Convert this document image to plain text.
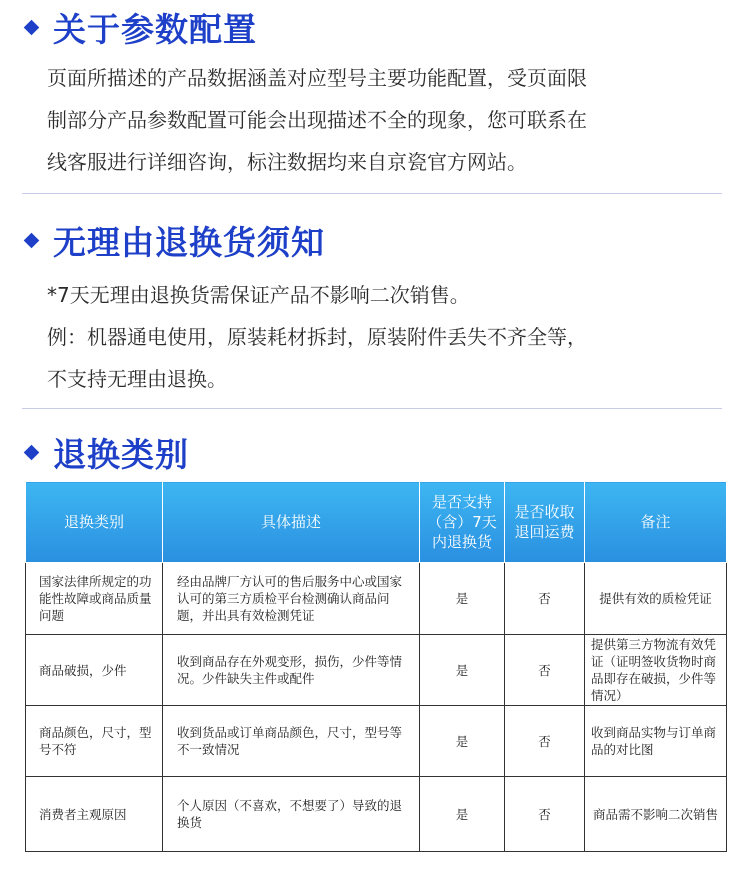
关于参数配置
页面所描述的产品数据涵盖对应型号主要功能配置，受页面限
制部分产品参数配置可能会出现描述不全的现象，您可联系在
线客服进行详细咨询，标注数据均来自京瓷官方网站。
无理由退换货须知
*7天无理由退换货需保证产品不影响二次销售。
例：机器通电使用，原装耗材拆封，原装附件丢失不齐全等，
不支持无理由退换。
退换类别
退换类别	具体描述	是否支持（含）7天内退换货	是否收取退回运费	备注
国家法律所规定的功能性故障或商品质量问题	经由品牌厂方认可的售后服务中心或国家认可的第三方质检平台检测确认商品问题，并出具有效检测凭证	是	否	提供有效的质检凭证
商品破损，少件	收到商品存在外观变形，损伤，少件等情况。少件缺失主件或配件	是	否	提供第三方物流有效凭证（证明签收货物时商品即存在破损，少件等情况）
商品颜色，尺寸，型号不符	收到货品或订单商品颜色，尺寸，型号等不一致情况	是	否	收到商品实物与订单商品的对比图
消费者主观原因	个人原因（不喜欢，不想要了）导致的退换货	是	否	商品需不影响二次销售
